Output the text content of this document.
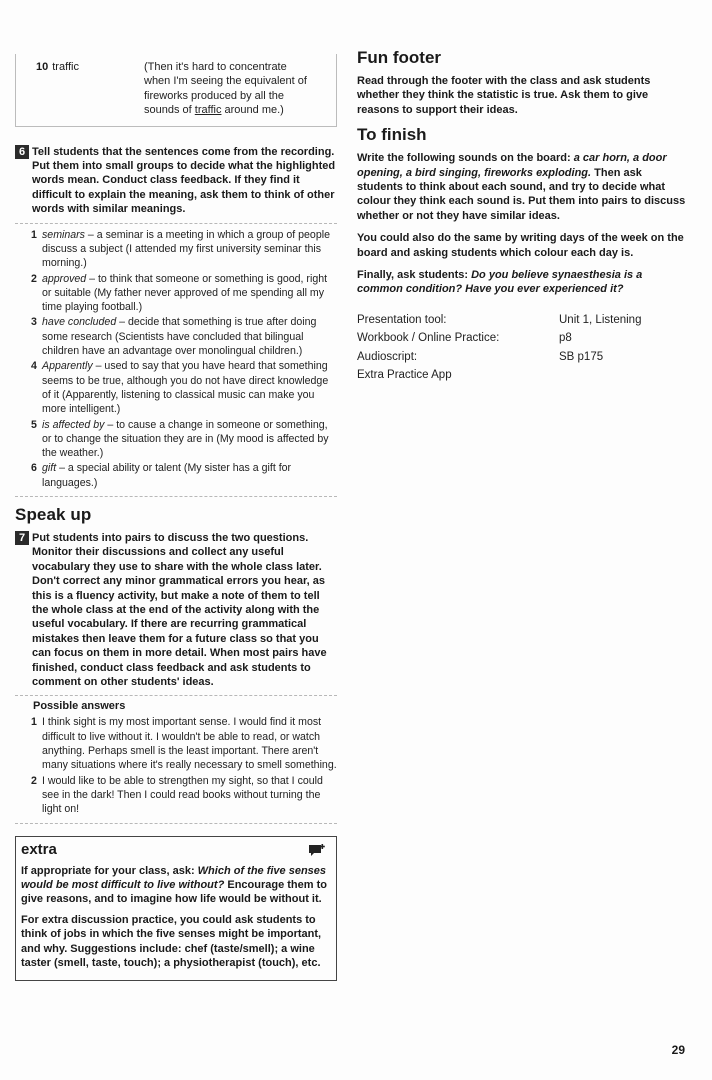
10 traffic	(Then it's hard to concentrate when I'm seeing the equivalent of fireworks produced by all the sounds of traffic around me.)
6 Tell students that the sentences come from the recording. Put them into small groups to decide what the highlighted words mean. Conduct class feedback. If they find it difficult to explain the meaning, ask them to think of other words with similar meanings.
1 seminars – a seminar is a meeting in which a group of people discuss a subject (I attended my first university seminar this morning.)
2 approved – to think that someone or something is good, right or suitable (My father never approved of me spending all my time playing football.)
3 have concluded – decide that something is true after doing some research (Scientists have concluded that bilingual children have an advantage over monolingual children.)
4 Apparently – used to say that you have heard that something seems to be true, although you do not have direct knowledge of it (Apparently, listening to classical music can make you more intelligent.)
5 is affected by – to cause a change in someone or something, or to change the situation they are in (My mood is affected by the weather.)
6 gift – a special ability or talent (My sister has a gift for languages.)
Speak up
7 Put students into pairs to discuss the two questions. Monitor their discussions and collect any useful vocabulary they use to share with the whole class later. Don't correct any minor grammatical errors you hear, as this is a fluency activity, but make a note of them to tell the whole class at the end of the activity along with the useful vocabulary. If there are recurring grammatical mistakes then leave them for a future class so that you can focus on them in more detail. When most pairs have finished, conduct class feedback and ask students to comment on other students' ideas.
Possible answers
1 I think sight is my most important sense. I would find it most difficult to live without it. I wouldn't be able to read, or watch anything. Perhaps smell is the least important. There aren't many situations where it's really necessary to smell something.
2 I would like to be able to strengthen my sight, so that I could see in the dark! Then I could read books without turning the light on!
extra

If appropriate for your class, ask: Which of the five senses would be most difficult to live without? Encourage them to give reasons, and to imagine how life would be without it.

For extra discussion practice, you could ask students to think of jobs in which the five senses might be important, and why. Suggestions include: chef (taste/smell); a wine taster (smell, taste, touch); a physiotherapist (touch), etc.

Fun footer

Read through the footer with the class and ask students whether they think the statistic is true. Ask them to give reasons to support their ideas.

To finish

Write the following sounds on the board: a car horn, a door opening, a bird singing, fireworks exploding. Then ask students to think about each sound, and try to decide what colour they think each sound is. Put them into pairs to discuss whether or not they have similar ideas.

You could also do the same by writing days of the week on the board and asking students which colour each day is.

Finally, ask students: Do you believe synaesthesia is a common condition? Have you ever experienced it?

Presentation tool:	Unit 1, Listening
Workbook / Online Practice:	p8
Audioscript:	SB p175
Extra Practice App
29
